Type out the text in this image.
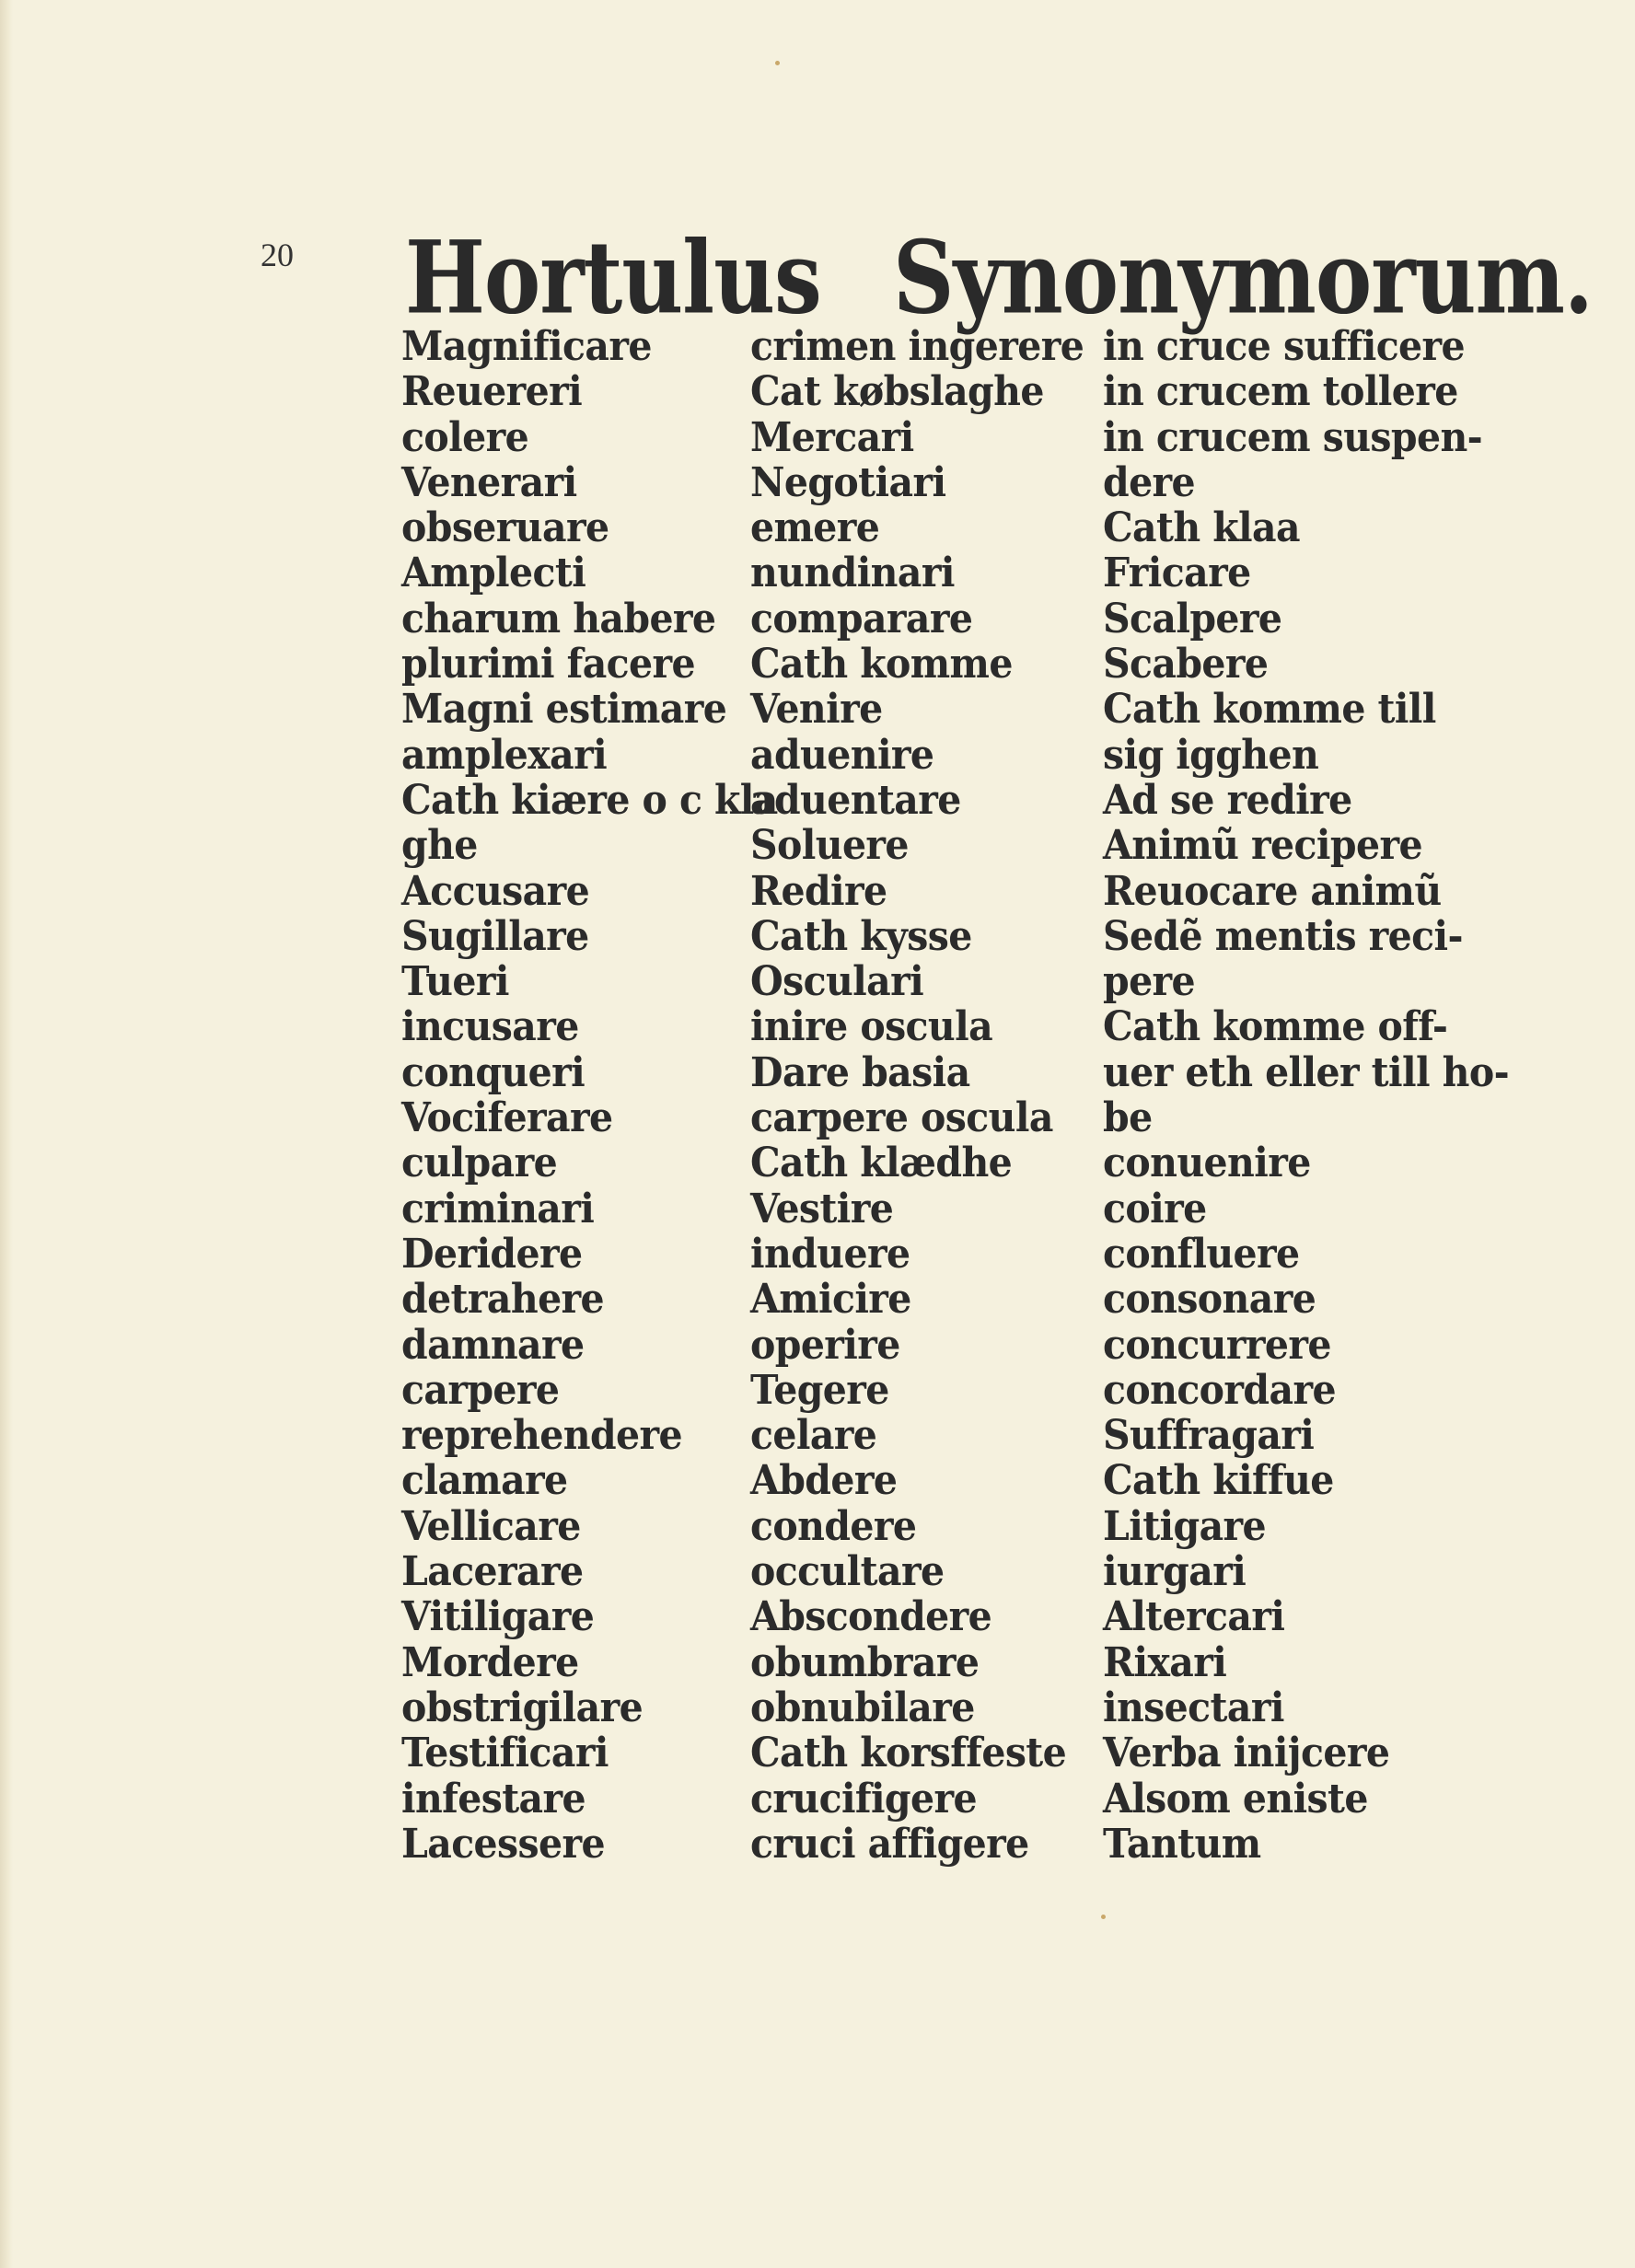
20 Hortulus Synonymorum.
Magnificare
Reuereri
colere
Venerari
obseruare
Amplecti
charum habere
plurimi facere
Magni estimare
amplexari
Cath kiære o c kla
ghe
Accusare
Sugillare
Tueri
incusare
conqueri
Vociferare
culpare
criminari
Deridere
detrahere
damnare
carpere
reprehendere
clamare
Vellicare
Lacerare
Vitiligare
Mordere
obstrigilare
Testificari
infestare
Lacessere
crimen ingerere
Cat købslaghe
Mercari
Negotiari
emere
nundinari
comparare
Cath komme
Venire
aduenire
aduentare
Soluere
Redire
Cath kysse
Osculari
inire oscula
Dare basia
carpere oscula
Cath klædhe
Vestire
induere
Amicire
operire
Tegere
celare
Abdere
condere
occultare
Abscondere
obumbrare
obnubilare
Cath korsffeste
crucifigere
cruci affigere
in cruce sufficere
in crucem tollere
in crucem suspen-
dere
Cath klaa
Fricare
Scalpere
Scabere
Cath komme till
sig igghen
Ad se redire
Animũ recipere
Reuocare animũ
Sedẽ mentis reci-
pere
Cath komme off-
uer eth eller till ho-
be
conuenire
coire
confluere
consonare
concurrere
concordare
Suffragari
Cath kiffue
Litigare
iurgari
Altercari
Rixari
insectari
Verba inijcere
Alsom eniste
Tantum
